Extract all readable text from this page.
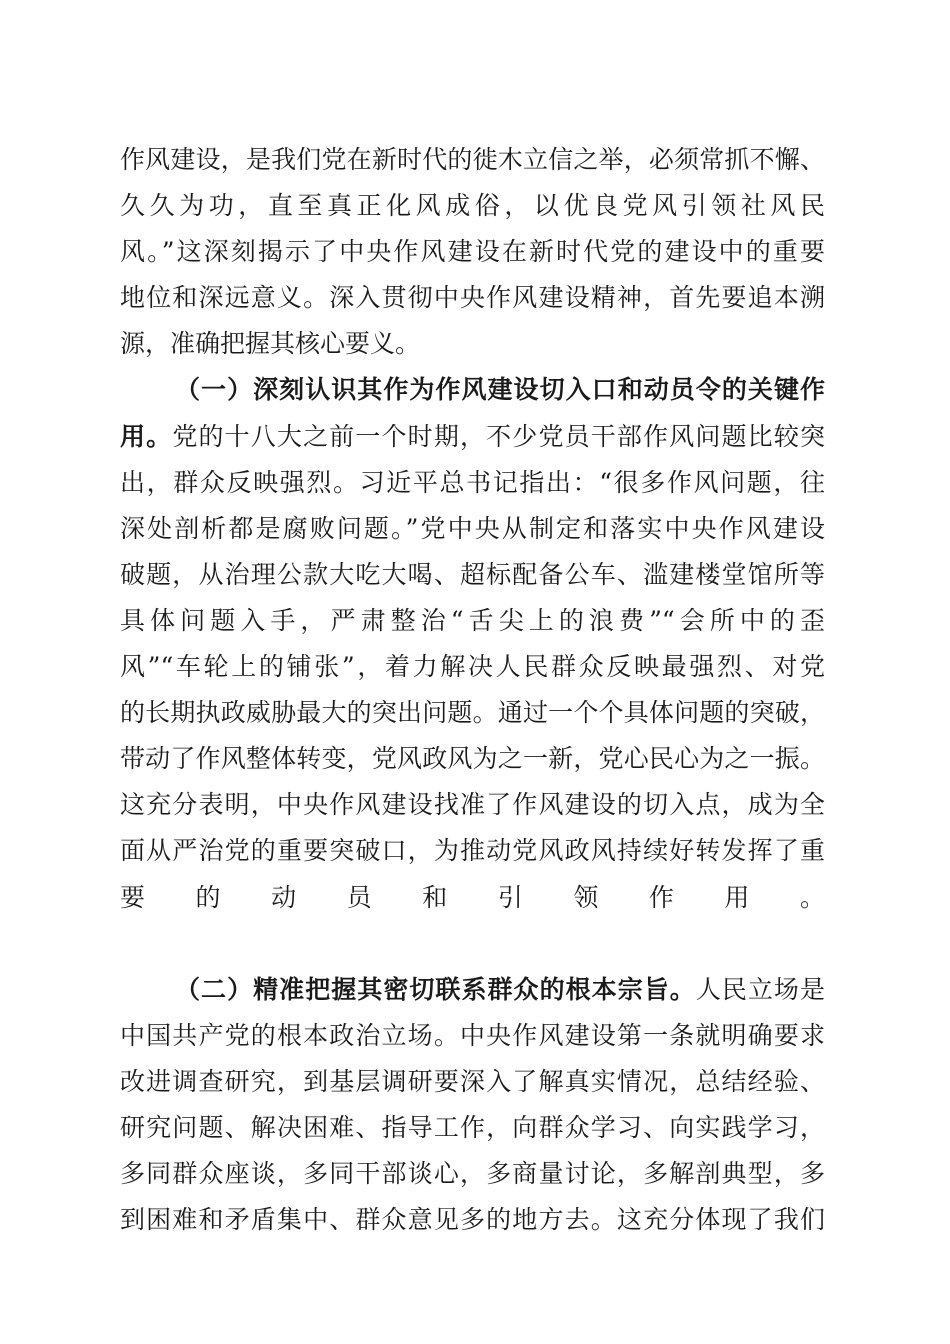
作风建设，是我们党在新时代的徙木立信之举，必须常抓不懈、
久久为功，直至真正化风成俗，以优良党风引领社风民
风。”这深刻揭示了中央作风建设在新时代党的建设中的重要
地位和深远意义。深入贯彻中央作风建设精神，首先要追本溯
源，准确把握其核心要义。
（一）深刻认识其作为作风建设切入口和动员令的关键作
用。党的十八大之前一个时期，不少党员干部作风问题比较突
出，群众反映强烈。习近平总书记指出：“很多作风问题，往
深处剖析都是腐败问题。”党中央从制定和落实中央作风建设
破题，从治理公款大吃大喝、超标配备公车、滥建楼堂馆所等
具体问题入手，严肃整治“舌尖上的浪费”“会所中的歪
风”“车轮上的铺张”，着力解决人民群众反映最强烈、对党
的长期执政威胁最大的突出问题。通过一个个具体问题的突破，
带动了作风整体转变，党风政风为之一新，党心民心为之一振。
这充分表明，中央作风建设找准了作风建设的切入点，成为全
面从严治党的重要突破口，为推动党风政风持续好转发挥了重
要的动员和引领作用。
（二）精准把握其密切联系群众的根本宗旨。人民立场是
中国共产党的根本政治立场。中央作风建设第一条就明确要求
改进调查研究，到基层调研要深入了解真实情况，总结经验、
研究问题、解决困难、指导工作，向群众学习、向实践学习，
多同群众座谈，多同干部谈心，多商量讨论，多解剖典型，多
到困难和矛盾集中、群众意见多的地方去。这充分体现了我们
